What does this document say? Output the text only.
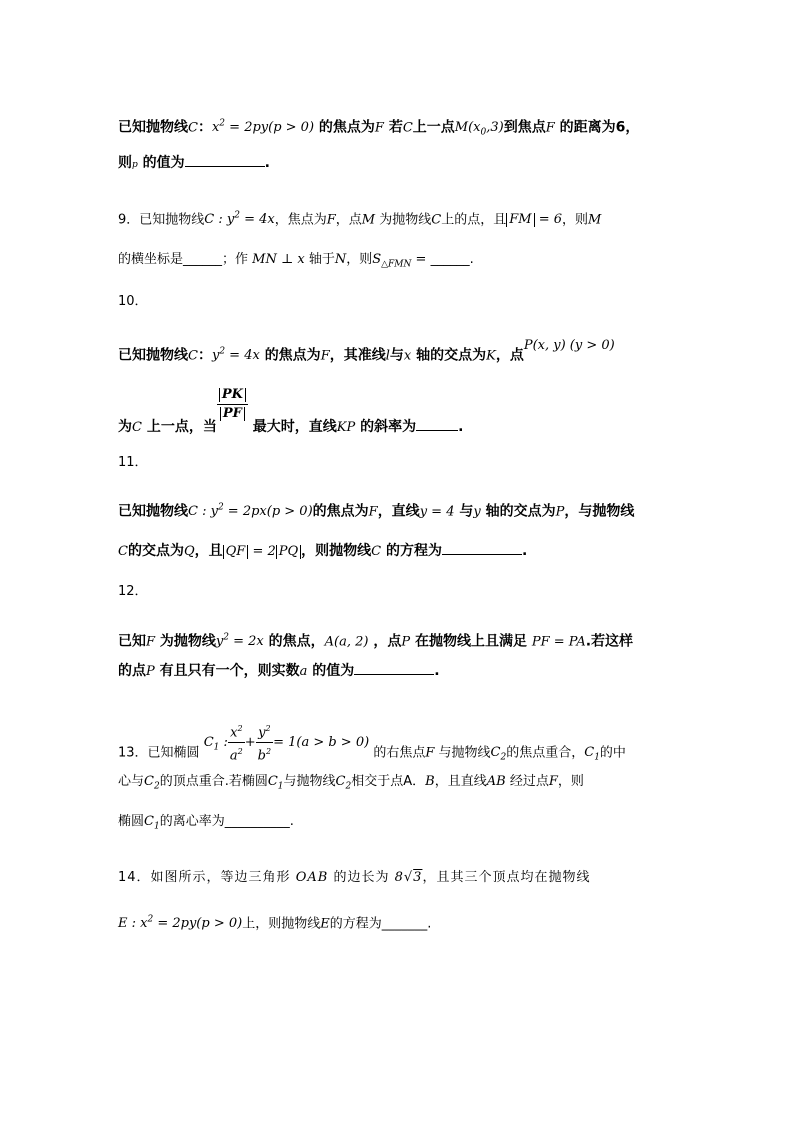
已知抛物线C：$x^2 = 2py(p > 0)$ 的焦点为F 若C上一点$M(x_0,3)$到焦点F 的距离为6，
则p 的值为	.
9．已知抛物线C : $y^2 = 4x$，焦点为F，点M 为抛物线C上的点，且 FM = 6，则M
的横坐标是______；作 MN ⊥ x 轴于N，则$S_{\triangle FMN}$ = ______.
10．
已知抛物线C：$y^2 = 4x$ 的焦点为F，其准线l与x 轴的交点为K，点P(x, y) (y > 0)
为C 上一点，当
$\frac{PK}{PF}$
最大时，直线KP 的斜率为	.
11．
已知抛物线C : $y^2 = 2px(p > 0)$的焦点为F，直线y = 4 与y 轴的交点为P，与抛物线
C的交点为Q，且 QF = 2 PQ ，则抛物线C 的方程为	.
12．
已知F 为抛物线$y^2 = 2x$ 的焦点，A(a, 2) ，点P 在抛物线上且满足 PF = PA.若这样
的点P 有且只有一个，则实数a 的值为	.
13．已知椭圆 $C_1$ : $\frac{x^2}{a^2} + \frac{y^2}{b^2} = 1(a > b > 0)$ 的右焦点F 与抛物线$C_2$的焦点重合，$C_1$的中
心与$C_2$的顶点重合.若椭圆$C_1$与抛物线$C_2$相交于点A．B，且直线AB 经过点F，则
椭圆$C_1$的离心率为__________.
14．如图所示，等边三角形 OAB 的边长为 8√3，且其三个顶点均在抛物线
E : $x^2 = 2py(p > 0)$上，则抛物线E的方程为_______.
